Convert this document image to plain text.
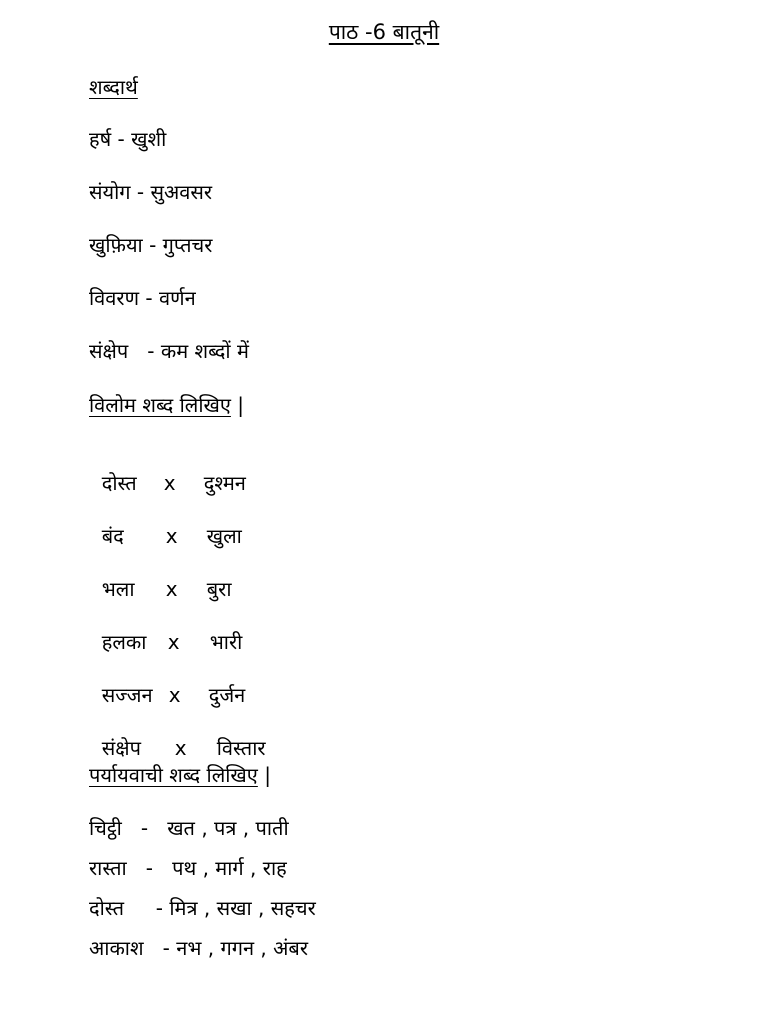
पाठ -6 बातूनी
शब्दार्थ
हर्ष - खुशी
संयोग - सुअवसर
खुफ़िया - गुप्तचर
विवरण - वर्णन
संक्षेप   - कम शब्दों में
विलोम शब्द लिखिए |

दोस्त x दुश्मन

बंद x खुला

भला x बुरा

हलका x भारी

सज्जन x दुर्जन

संक्षेप x विस्तार

पर्यायवाची शब्द लिखिए |
चिट्ठी   -   खत , पत्र , पाती
रास्ता   -   पथ , मार्ग , राह
दोस्त     - मित्र , सखा , सहचर
आकाश   - नभ , गगन , अंबर
